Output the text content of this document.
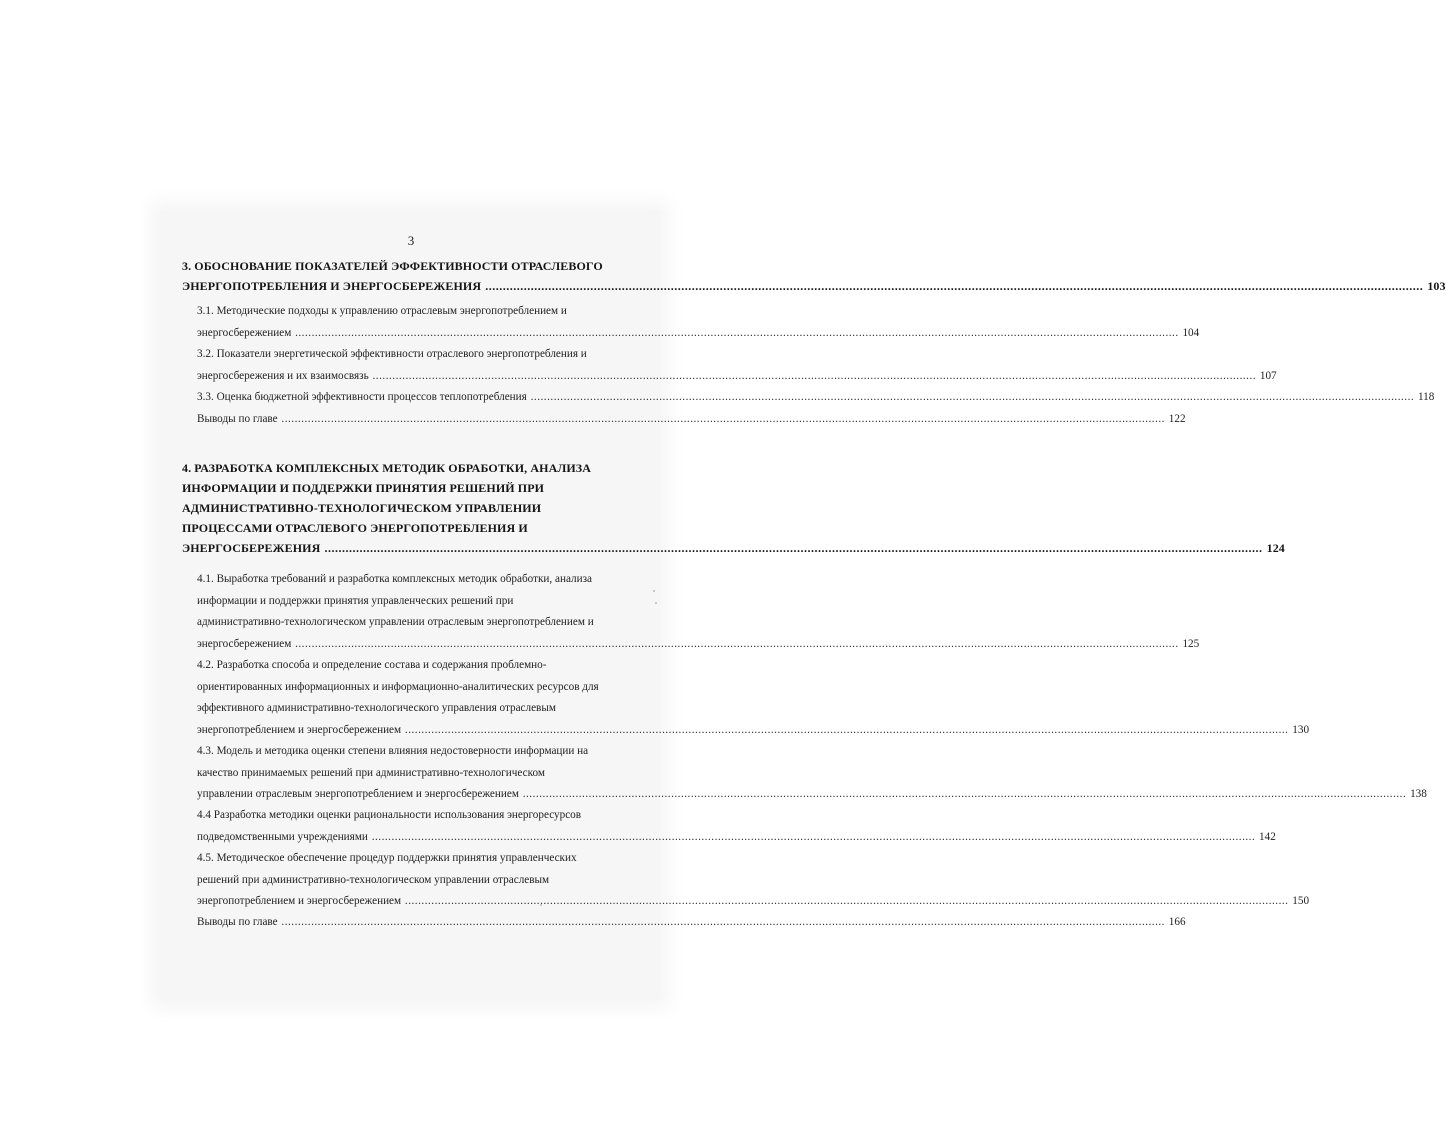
3
3. ОБОСНОВАНИЕ ПОКАЗАТЕЛЕЙ ЭФФЕКТИВНОСТИ ОТРАСЛЕВОГО
ЭНЕРГОПОТРЕБЛЕНИЯ И ЭНЕРГОСБЕРЕЖЕНИЯ .....	103
3.1. Методические подходы к управлению отраслевым энергопотреблением и
энергосбережением .....	104
3.2. Показатели энергетической эффективности отраслевого энергопотребления и
энергосбережения и их взаимосвязь .....	107
3.3. Оценка бюджетной эффективности процессов теплопотребления .....	118
Выводы по главе .....	122
4. РАЗРАБОТКА КОМПЛЕКСНЫХ МЕТОДИК ОБРАБОТКИ, АНАЛИЗА
ИНФОРМАЦИИ И ПОДДЕРЖКИ ПРИНЯТИЯ РЕШЕНИЙ ПРИ
АДМИНИСТРАТИВНО-ТЕХНОЛОГИЧЕСКОМ УПРАВЛЕНИИ
ПРОЦЕССАМИ ОТРАСЛЕВОГО ЭНЕРГОПОТРЕБЛЕНИЯ И
ЭНЕРГОСБЕРЕЖЕНИЯ .....	124
4.1. Выработка требований и разработка комплексных методик обработки, анализа
информации и поддержки принятия управленческих решений при
административно-технологическом управлении отраслевым энергопотреблением и
энергосбережением .....	125
4.2. Разработка способа и определение состава и содержания проблемно-
ориентированных информационных и информационно-аналитических ресурсов для
эффективного административно-технологического управления отраслевым
энергопотреблением и энергосбережением .....	130
4.3. Модель и методика оценки степени влияния недостоверности информации на
качество принимаемых решений при административно-технологическом
управлении отраслевым энергопотреблением и энергосбережением .....	138
4.4 Разработка методики оценки рациональности использования энергоресурсов
подведомственными учреждениями .....	142
4.5. Методическое обеспечение процедур поддержки принятия управленческих
решений при административно-технологическом управлении отраслевым
энергопотреблением и энергосбережением .....	150
Выводы по главе .....	166
